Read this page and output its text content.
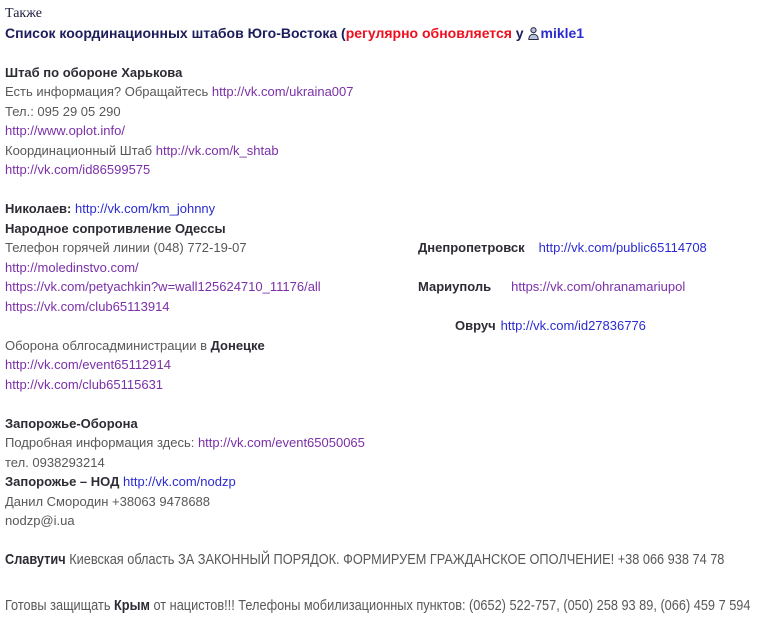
Также
Список координационных штабов Юго-Востока (регулярно обновляется у mikle1
Штаб по обороне Харькова
Есть информация? Обращайтесь http://vk.com/ukraina007
Тел.: 095 29 05 290
http://www.oplot.info/
Координационный Штаб http://vk.com/k_shtab
http://vk.com/id86599575
Николаев: http://vk.com/km_johnny
Народное сопротивление Одессы
Телефон горячей линии (048) 772-19-07
http://moledinstvo.com/
https://vk.com/petyachkin?w=wall125624710_11176/all
https://vk.com/club65113914
Оборона облгосадминистрации в Донецке
http://vk.com/event65112914
http://vk.com/club65115631
Запорожье-Оборона
Подробная информация здесь: http://vk.com/event65050065
тел. 0938293214
Запорожье – НОД http://vk.com/nodzp
Данил Смородин +38063 9478688
nodzp@i.ua
Славутич Киевская область ЗА ЗАКОННЫЙ ПОРЯДОК. ФОРМИРУЕМ ГРАЖДАНСКОЕ ОПОЛЧЕНИЕ! +38 066 938 74 78
Готовы защищать Крым от нацистов!!! Телефоны мобилизационных пунктов: (0652) 522-757, (050) 258 93 89, (066) 459 7 594
Днепропетровск http://vk.com/public65114708
Мариуполь https://vk.com/ohranamariupol
Овруч http://vk.com/id27836776
